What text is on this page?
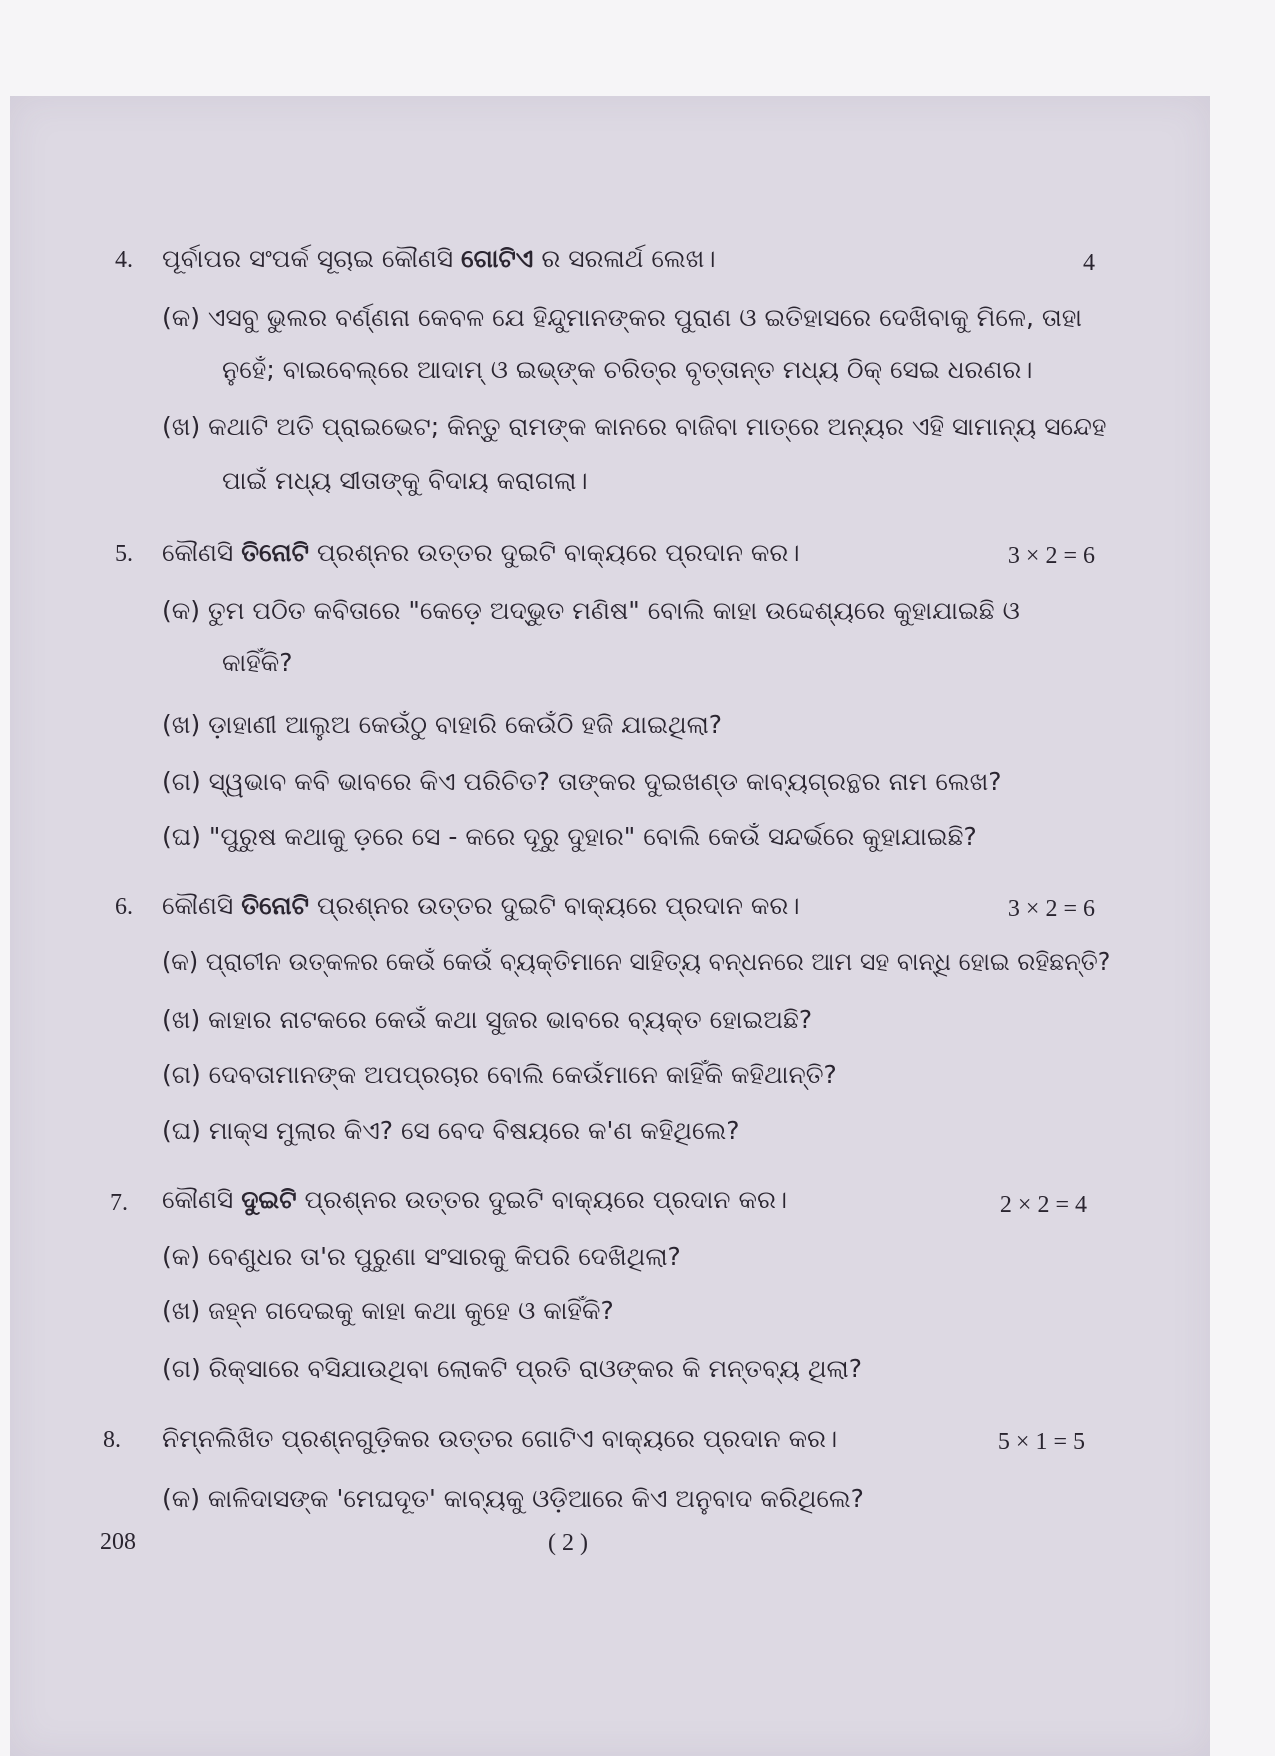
4. ପୂର୍ବାପର ସଂପର୍କ ସୂଚାଇ କୌଣସି ଗୋଟିଏ ର ସରଳାର୍ଥ ଲେଖ।	4
(କ) ଏସବୁ ଭୁଲର ବର୍ଣ୍ଣନା କେବଳ ଯେ ହିନ୍ଦୁମାନଙ୍କର ପୁରାଣ ଓ ଇତିହାସରେ ଦେଖିବାକୁ ମିଳେ, ତାହା
ନୁହେଁ; ବାଇବେଲ୍‌ରେ ଆଦାମ୍ ଓ ଇଭ୍‌ଙ୍କ ଚରିତ୍ର ବୃତ୍ତାନ୍ତ ମଧ୍ୟ ଠିକ୍ ସେଇ ଧରଣର।
(ଖ) କଥାଟି ଅତି ପ୍ରାଇଭେଟ; କିନ୍ତୁ ରାମଙ୍କ କାନରେ ବାଜିବା ମାତ୍ରେ ଅନ୍ୟର ଏହି ସାମାନ୍ୟ ସନ୍ଦେହ
ପାଇଁ ମଧ୍ୟ ସୀତାଙ୍କୁ ବିଦାୟ କରାଗଲା।
5. କୌଣସି ତିନୋଟି ପ୍ରଶ୍ନର ଉତ୍ତର ଦୁଇଟି ବାକ୍ୟରେ ପ୍ରଦାନ କର।	3 × 2 = 6
(କ) ତୁମ ପଠିତ କବିତାରେ "କେଡ଼େ ଅଦ୍ଭୁତ ମଣିଷ" ବୋଲି କାହା ଉଦ୍ଦେଶ୍ୟରେ କୁହାଯାଇଛି ଓ
କାହିଁକି?
(ଖ) ଡ଼ାହାଣୀ ଆଲୁଅ କେଉଁଠୁ ବାହାରି କେଉଁଠି ହଜି ଯାଇଥିଲା?
(ଗ) ସ୍ୱଭାବ କବି ଭାବରେ କିଏ ପରିଚିତ? ତାଙ୍କର ଦୁଇଖଣ୍ଡ କାବ୍ୟଗ୍ରନ୍ଥର ନାମ ଲେଖ?
(ଘ) "ପୁରୁଷ କଥାକୁ ଡ଼ରେ ସେ - କରେ ଦୂରୁ ଦୁହାର" ବୋଲି କେଉଁ ସନ୍ଦର୍ଭରେ କୁହାଯାଇଛି?
6. କୌଣସି ତିନୋଟି ପ୍ରଶ୍ନର ଉତ୍ତର ଦୁଇଟି ବାକ୍ୟରେ ପ୍ରଦାନ କର।	3 × 2 = 6
(କ) ପ୍ରାଚୀନ ଉତ୍କଳର କେଉଁ କେଉଁ ବ୍ୟକ୍ତିମାନେ ସାହିତ୍ୟ ବନ୍ଧନରେ ଆମ ସହ ବାନ୍ଧି ହୋଇ ରହିଛନ୍ତି?
(ଖ) କାହାର ନାଟକରେ କେଉଁ କଥା ସୁଜର ଭାବରେ ବ୍ୟକ୍ତ ହୋଇଅଛି?
(ଗ) ଦେବତାମାନଙ୍କ ଅପପ୍ରଚାର ବୋଲି କେଉଁମାନେ କାହିଁକି କହିଥାନ୍ତି?
(ଘ) ମାକ୍ସ ମୁଲାର କିଏ? ସେ ବେଦ ବିଷୟରେ କ'ଣ କହିଥିଲେ?
7. କୌଣସି ଦୁଇଟି ପ୍ରଶ୍ନର ଉତ୍ତର ଦୁଇଟି ବାକ୍ୟରେ ପ୍ରଦାନ କର।	2 × 2 = 4
(କ) ବେଣୁଧର ତା'ର ପୁରୁଣା ସଂସାରକୁ କିପରି ଦେଖିଥିଲା?
(ଖ) ଜହ୍ନ ଗଦେଇକୁ କାହା କଥା କୁହେ ଓ କାହିଁକି?
(ଗ) ରିକ୍ସାରେ ବସିଯାଉଥିବା ଲୋକଟି ପ୍ରତି ରାଓଙ୍କର କି ମନ୍ତବ୍ୟ ଥିଲା?
8. ନିମ୍ନଲିଖିତ ପ୍ରଶ୍ନଗୁଡ଼ିକର ଉତ୍ତର ଗୋଟିଏ ବାକ୍ୟରେ ପ୍ରଦାନ କର।	5 × 1 = 5
(କ) କାଳିଦାସଙ୍କ 'ମେଘଦୂତ' କାବ୍ୟକୁ ଓଡ଼ିଆରେ କିଏ ଅନୁବାଦ କରିଥିଲେ?
208	( 2 )
